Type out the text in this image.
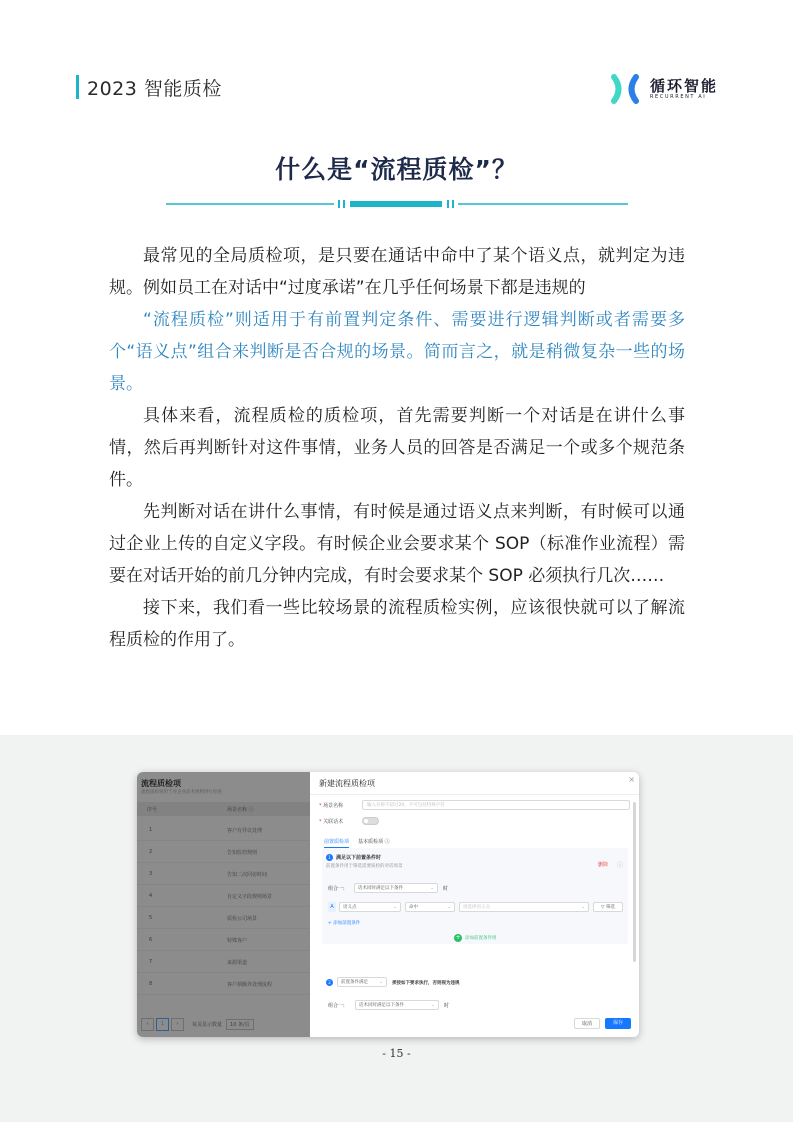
2023 智能质检	循环智能
RECURRENT AI
什么是“流程质检”？

最常见的全局质检项，是只要在通话中命中了某个语义点，就判定为违规。例如员工在对话中“过度承诺”在几乎任何场景下都是违规的

“流程质检”则适用于有前置判定条件、需要进行逻辑判断或者需要多个“语义点”组合来判断是否合规的场景。简而言之，就是稍微复杂一些的场景。

具体来看，流程质检的质检项，首先需要判断一个对话是在讲什么事情，然后再判断针对这件事情，业务人员的回答是否满足一个或多个规范条件。

先判断对话在讲什么事情，有时候是通过语义点来判断，有时候可以通过企业上传的自定义字段。有时候企业会要求某个 SOP（标准作业流程）需要在对话开始的前几分钟内完成，有时会要求某个 SOP 必须执行几次……

接下来，我们看一些比较场景的流程质检实例，应该很快就可以了解流程质检的作用了。

流程质检项
流程质检项用于对企业话术规则进行检查
序号	场景名称 ⓘ
1	客户有异议处理
2	告知监控规则
3	告知二次回访时间
4	自定义字段规则场景
5	质检公司场景
6	特殊客户
7	来源渠道
8	客户须额外处理流程
‹	1	›	每页显示数量	10 条/页
新建流程质检项	×
* 场景名称	输入名称不超过20，不可包括特殊字符
* 关联话术
前置质检项 基本质检项 ⓘ
1	满足以下前置条件时
前置条件用于筛选需要质检的对话场景	删除 ⓘ
组合一:	话术同时满足以下条件	⌄ 时
A	语义点	⌄	命中	⌄	请选择语义点	⌄	▽ 筛选
+ 添加前置条件
+ 添加前置条件组
2	前置条件满足 ⌄ 须按如下要求执行，否则视为违规
组合一:	话术同时满足以下条件	⌄ 时
取消	保存
- 15 -
